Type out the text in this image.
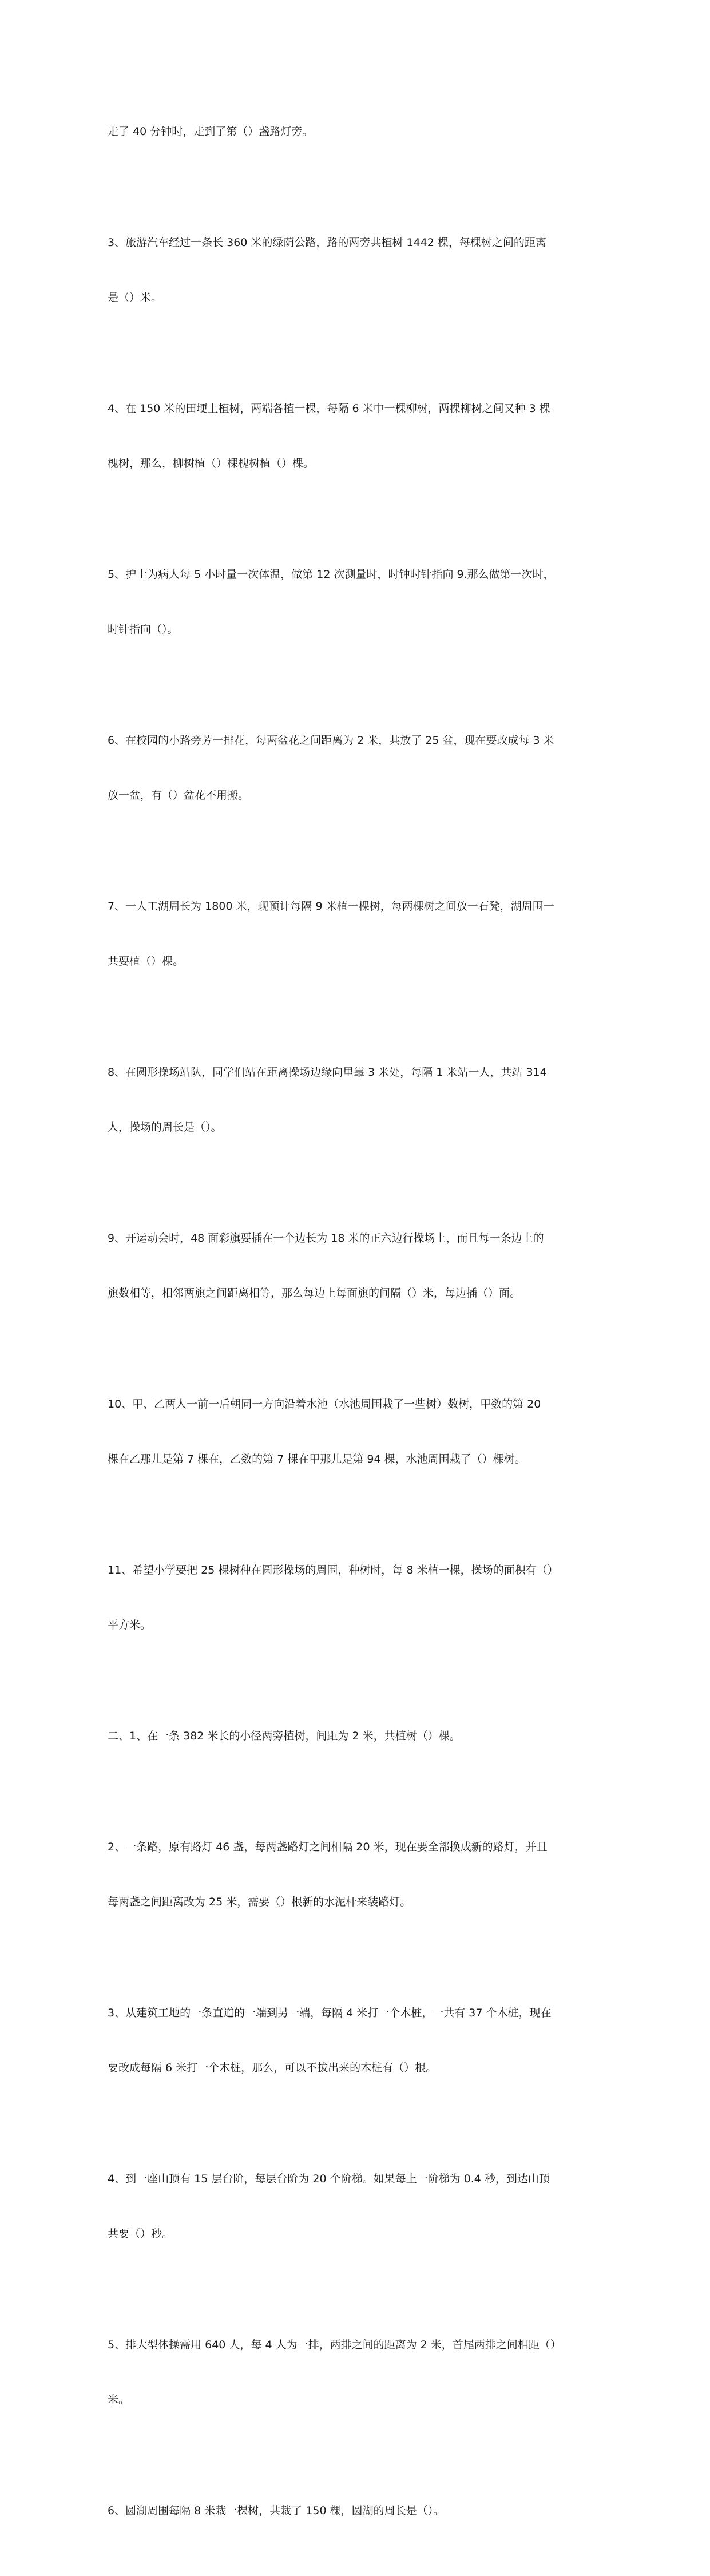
走了 40 分钟时，走到了第（）盏路灯旁。

3、旅游汽车经过一条长 360 米的绿荫公路，路的两旁共植树 1442 棵，每棵树之间的距离

是（）米。

4、在 150 米的田埂上植树，两端各植一棵，每隔 6 米中一棵柳树，两棵柳树之间又种 3 棵

槐树，那么，柳树植（）棵槐树植（）棵。

5、护士为病人每 5 小时量一次体温，做第 12 次测量时，时钟时针指向 9.那么做第一次时，

时针指向（）。

6、在校园的小路旁芳一排花，每两盆花之间距离为 2 米，共放了 25 盆，现在要改成每 3 米

放一盆，有（）盆花不用搬。

7、一人工湖周长为 1800 米，现预计每隔 9 米植一棵树，每两棵树之间放一石凳，湖周围一

共要植（）棵。

8、在圆形操场站队，同学们站在距离操场边缘向里靠 3 米处，每隔 1 米站一人，共站 314

人，操场的周长是（）。

9、开运动会时，48 面彩旗要插在一个边长为 18 米的正六边行操场上，而且每一条边上的

旗数相等，相邻两旗之间距离相等，那么每边上每面旗的间隔（）米，每边插（）面。

10、甲、乙两人一前一后朝同一方向沿着水池（水池周围栽了一些树）数树，甲数的第 20

棵在乙那儿是第 7 棵在，乙数的第 7 棵在甲那儿是第 94 棵，水池周围栽了（）棵树。

11、希望小学要把 25 棵树种在圆形操场的周围，种树时，每 8 米植一棵，操场的面积有（）

平方米。

二、1、在一条 382 米长的小径两旁植树，间距为 2 米，共植树（）棵。

2、一条路，原有路灯 46 盏，每两盏路灯之间相隔 20 米，现在要全部换成新的路灯，并且

每两盏之间距离改为 25 米，需要（）根新的水泥杆来装路灯。

3、从建筑工地的一条直道的一端到另一端，每隔 4 米打一个木桩，一共有 37 个木桩，现在

要改成每隔 6 米打一个木桩，那么，可以不拔出来的木桩有（）根。

4、到一座山顶有 15 层台阶，每层台阶为 20 个阶梯。如果每上一阶梯为 0.4 秒，到达山顶

共要（）秒。

5、排大型体操需用 640 人，每 4 人为一排，两排之间的距离为 2 米，首尾两排之间相距（）

米。

6、圆湖周围每隔 8 米栽一棵树，共栽了 150 棵，圆湖的周长是（）。
